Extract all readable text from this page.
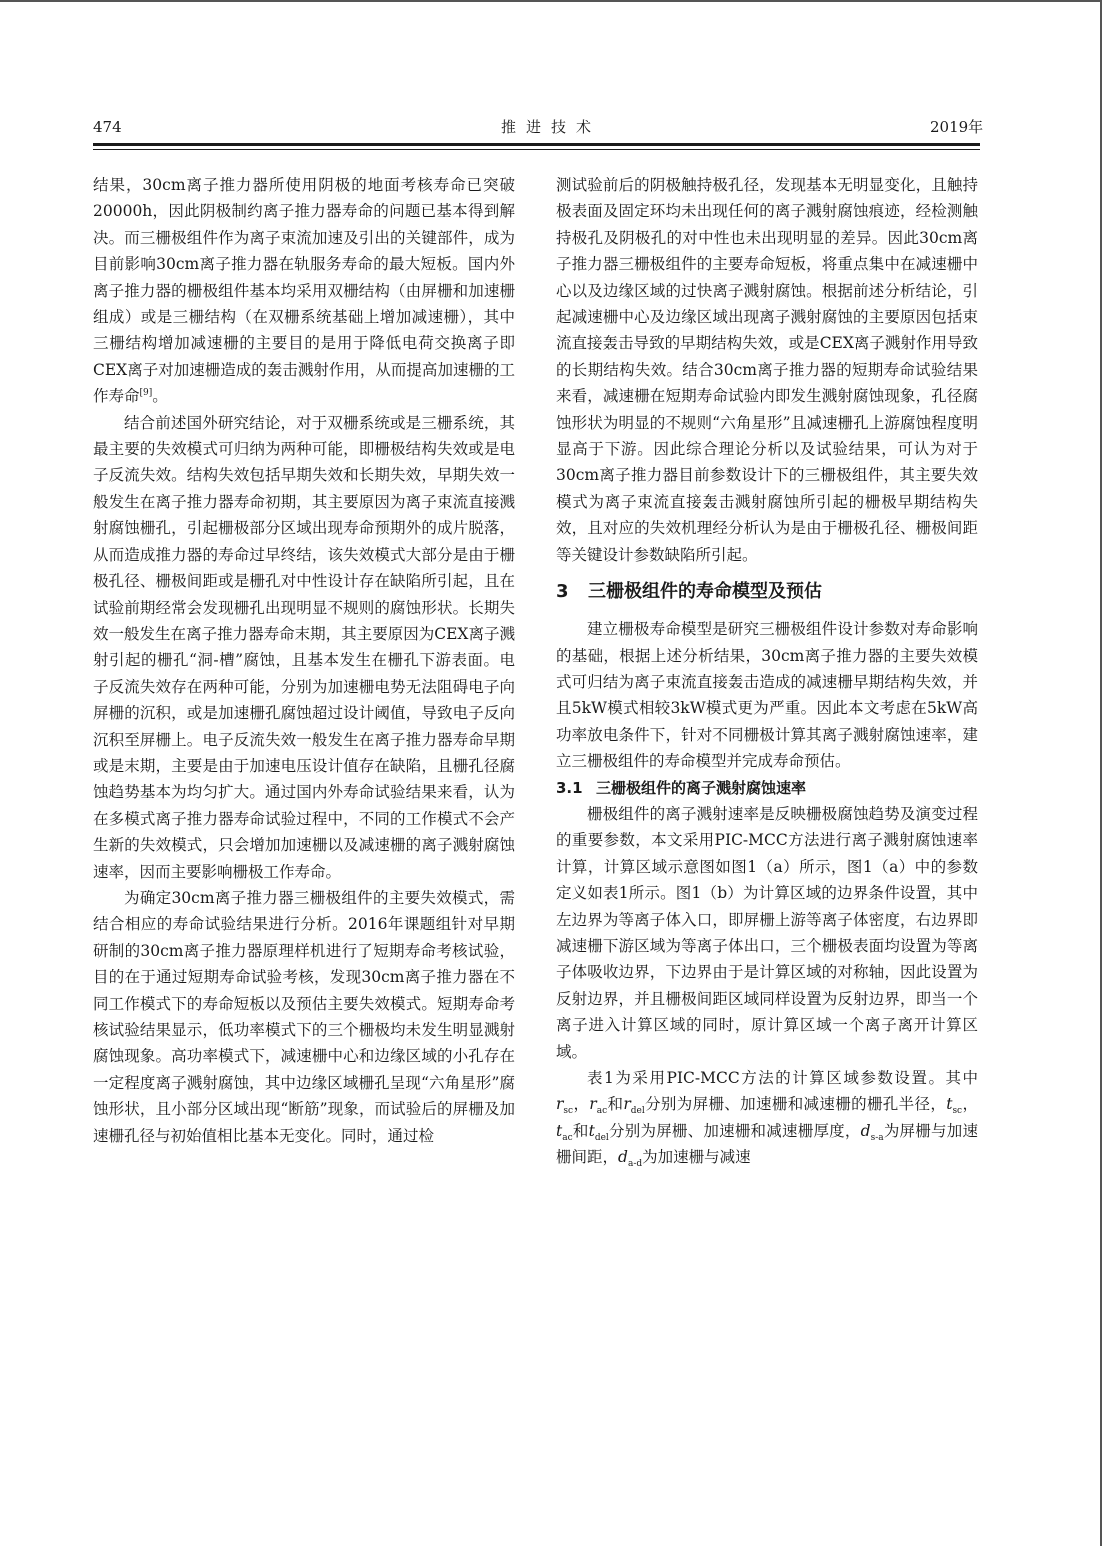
474	推进技术	2019年

结果，30cm离子推力器所使用阴极的地面考核寿命已突破20000h，因此阴极制约离子推力器寿命的问题已基本得到解决。而三栅极组件作为离子束流加速及引出的关键部件，成为目前影响30cm离子推力器在轨服务寿命的最大短板。国内外离子推力器的栅极组件基本均采用双栅结构（由屏栅和加速栅组成）或是三栅结构（在双栅系统基础上增加减速栅），其中三栅结构增加减速栅的主要目的是用于降低电荷交换离子即CEX离子对加速栅造成的轰击溅射作用，从而提高加速栅的工作寿命[9]。

结合前述国外研究结论，对于双栅系统或是三栅系统，其最主要的失效模式可归纳为两种可能，即栅极结构失效或是电子反流失效。结构失效包括早期失效和长期失效，早期失效一般发生在离子推力器寿命初期，其主要原因为离子束流直接溅射腐蚀栅孔，引起栅极部分区域出现寿命预期外的成片脱落，从而造成推力器的寿命过早终结，该失效模式大部分是由于栅极孔径、栅极间距或是栅孔对中性设计存在缺陷所引起，且在试验前期经常会发现栅孔出现明显不规则的腐蚀形状。长期失效一般发生在离子推力器寿命末期，其主要原因为CEX离子溅射引起的栅孔“洞-槽”腐蚀，且基本发生在栅孔下游表面。电子反流失效存在两种可能，分别为加速栅电势无法阻碍电子向屏栅的沉积，或是加速栅孔腐蚀超过设计阈值，导致电子反向沉积至屏栅上。电子反流失效一般发生在离子推力器寿命早期或是末期，主要是由于加速电压设计值存在缺陷，且栅孔径腐蚀趋势基本为均匀扩大。通过国内外寿命试验结果来看，认为在多模式离子推力器寿命试验过程中，不同的工作模式不会产生新的失效模式，只会增加加速栅以及减速栅的离子溅射腐蚀速率，因而主要影响栅极工作寿命。

为确定30cm离子推力器三栅极组件的主要失效模式，需结合相应的寿命试验结果进行分析。2016年课题组针对早期研制的30cm离子推力器原理样机进行了短期寿命考核试验，目的在于通过短期寿命试验考核，发现30cm离子推力器在不同工作模式下的寿命短板以及预估主要失效模式。短期寿命考核试验结果显示，低功率模式下的三个栅极均未发生明显溅射腐蚀现象。高功率模式下，减速栅中心和边缘区域的小孔存在一定程度离子溅射腐蚀，其中边缘区域栅孔呈现“六角星形”腐蚀形状，且小部分区域出现“断筋”现象，而试验后的屏栅及加速栅孔径与初始值相比基本无变化。同时，通过检

测试验前后的阴极触持极孔径，发现基本无明显变化，且触持极表面及固定环均未出现任何的离子溅射腐蚀痕迹，经检测触持极孔及阴极孔的对中性也未出现明显的差异。因此30cm离子推力器三栅极组件的主要寿命短板，将重点集中在减速栅中心以及边缘区域的过快离子溅射腐蚀。根据前述分析结论，引起减速栅中心及边缘区域出现离子溅射腐蚀的主要原因包括束流直接轰击导致的早期结构失效，或是CEX离子溅射作用导致的长期结构失效。结合30cm离子推力器的短期寿命试验结果来看，减速栅在短期寿命试验内即发生溅射腐蚀现象，孔径腐蚀形状为明显的不规则“六角星形”且减速栅孔上游腐蚀程度明显高于下游。因此综合理论分析以及试验结果，可认为对于30cm离子推力器目前参数设计下的三栅极组件，其主要失效模式为离子束流直接轰击溅射腐蚀所引起的栅极早期结构失效，且对应的失效机理经分析认为是由于栅极孔径、栅极间距等关键设计参数缺陷所引起。

3 三栅极组件的寿命模型及预估

建立栅极寿命模型是研究三栅极组件设计参数对寿命影响的基础，根据上述分析结果，30cm离子推力器的主要失效模式可归结为离子束流直接轰击造成的减速栅早期结构失效，并且5kW模式相较3kW模式更为严重。因此本文考虑在5kW高功率放电条件下，针对不同栅极计算其离子溅射腐蚀速率，建立三栅极组件的寿命模型并完成寿命预估。

3.1 三栅极组件的离子溅射腐蚀速率

栅极组件的离子溅射速率是反映栅极腐蚀趋势及演变过程的重要参数，本文采用PIC-MCC方法进行离子溅射腐蚀速率计算，计算区域示意图如图1（a）所示，图1（a）中的参数定义如表1所示。图1（b）为计算区域的边界条件设置，其中左边界为等离子体入口，即屏栅上游等离子体密度，右边界即减速栅下游区域为等离子体出口，三个栅极表面均设置为等离子体吸收边界，下边界由于是计算区域的对称轴，因此设置为反射边界，并且栅极间距区域同样设置为反射边界，即当一个离子进入计算区域的同时，原计算区域一个离子离开计算区域。

表1为采用PIC-MCC方法的计算区域参数设置。其中$r_{sc}$，$r_{ac}$和$r_{del}$分别为屏栅、加速栅和减速栅的栅孔半径，$t_{sc}$，$t_{ac}$和$t_{del}$分别为屏栅、加速栅和减速栅厚度，$d_{s-a}$为屏栅与加速栅间距，$d_{a-d}$为加速栅与减速
